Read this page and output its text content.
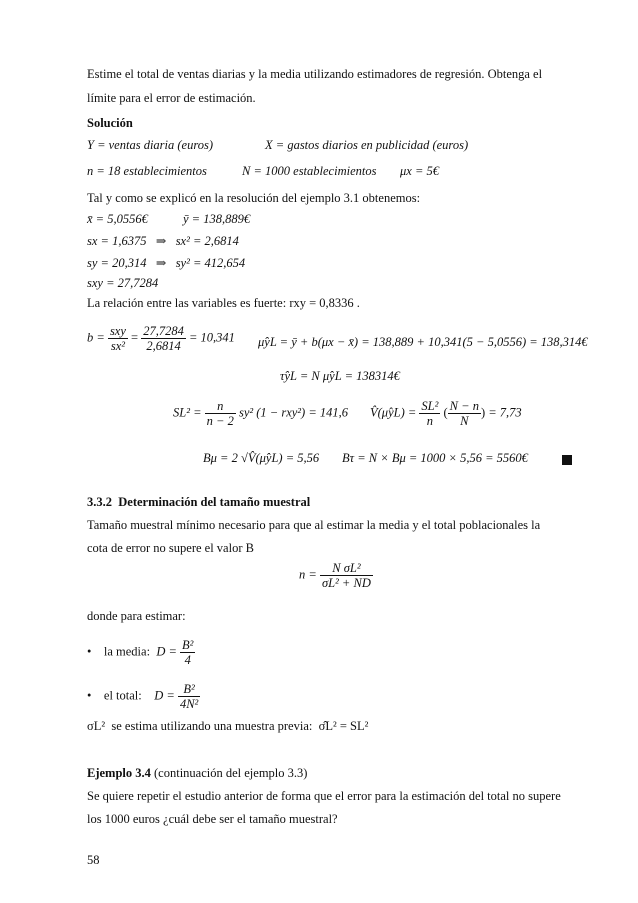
Estime el total de ventas diarias y la media utilizando estimadores de regresión. Obtenga el
límite para el error de estimación.
Solución
Y = ventas diaria (euros)	X = gastos diarios en publicidad (euros)
n = 18 establecimientos	N = 1000 establecimientos μx = 5€
Tal y como se explicó en la resolución del ejemplo 3.1 obtenemos:
x̄ = 5,0556€	ȳ = 138,889€
sx = 1,6375   ⇒   sx² = 2,6814
sy = 20,314   ⇒   sy² = 412,654
sxy = 27,7284
La relación entre las variables es fuerte: rxy = 0,8336 .
$b = \frac{\text{sxy}}{\text{sx²}} = \frac{27,7284}{2,6814} = 10,341$ μ̂yL = ȳ + b(μx − x̄) = 138,889 + 10,341(5 − 5,0556) = 138,314€
τ̂yL = N μ̂yL = 138314€
$SL^2 = \frac{n}{n - 2} sy^2$ (1 − rxy²) = 141,6 V̂(μ̂yL) = $\frac{\text{SL²}}{n}$ ( $\frac{N - n}{N}$ ) = 7,73
Bμ = 2 √V̂(μ̂yL) = 5,56 Bτ = N × Bμ = 1000 × 5,56 = 5560€
3.3.2  Determinación del tamaño muestral
Tamaño muestral mínimo necesario para que al estimar la media y el total poblacionales la
cota de error no supere el valor B
$n = \frac{\text{N σL²}}{\text{σL² + ND}}$
donde para estimar:
• la media: $D = \frac{\text{B²}}{4}$
• el total: $D = \frac{\text{B²}}{\text{4N²}}$
σL²  se estima utilizando una muestra previa:  σ̂L² = SL²
Ejemplo 3.4 (continuación del ejemplo 3.3)
Se quiere repetir el estudio anterior de forma que el error para la estimación del total no supere
los 1000 euros ¿cuál debe ser el tamaño muestral?
58
